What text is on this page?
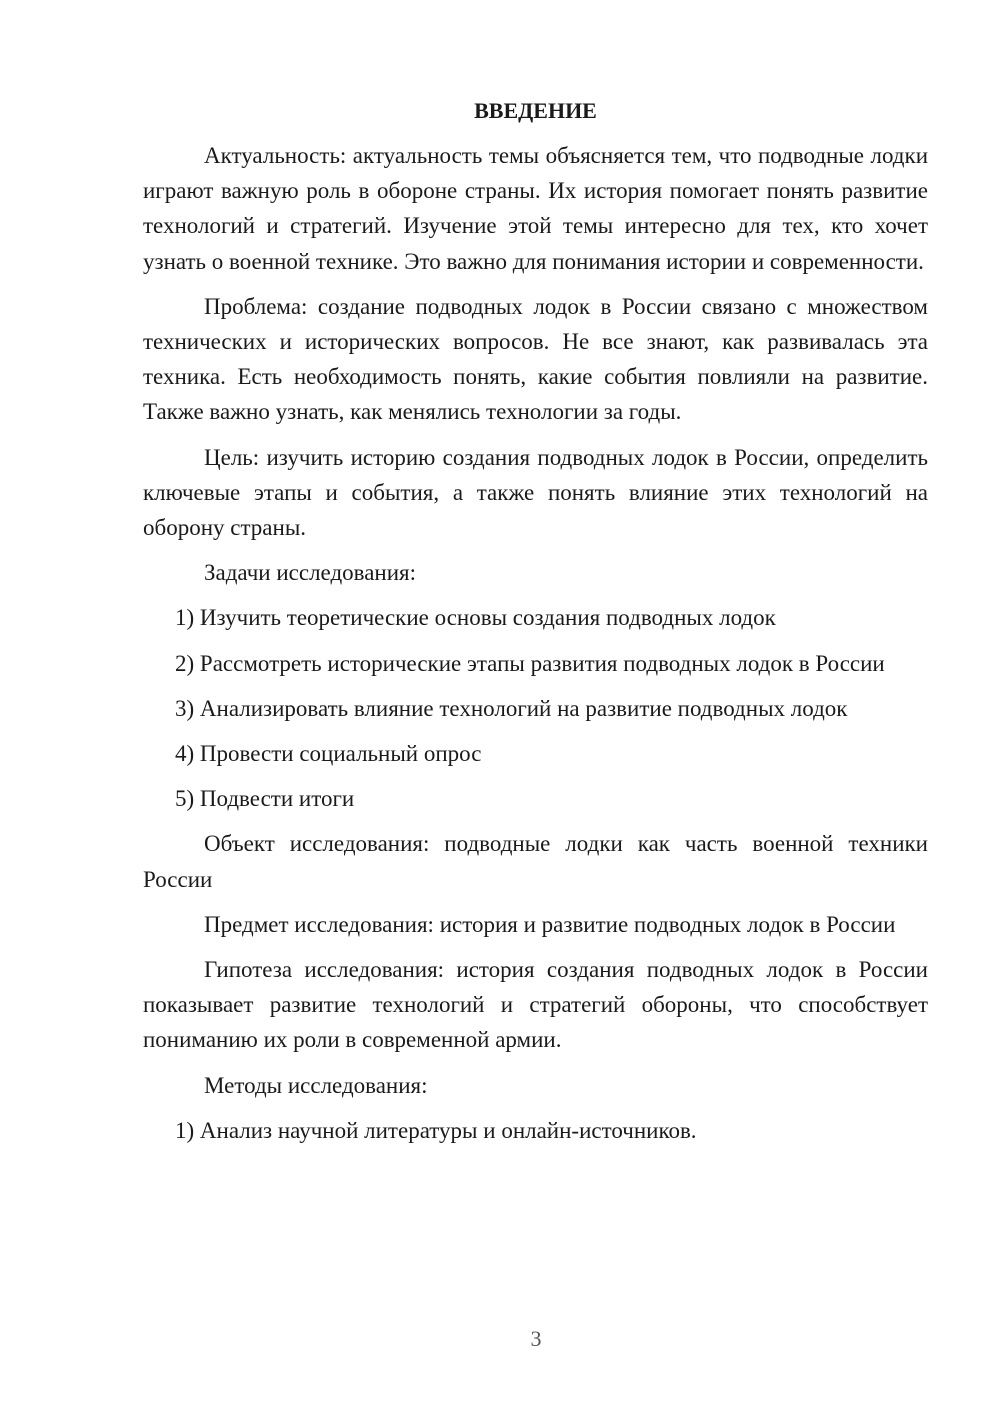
ВВЕДЕНИЕ

Актуальность: актуальность темы объясняется тем, что подводные лодки играют важную роль в обороне страны. Их история помогает понять развитие технологий и стратегий. Изучение этой темы интересно для тех, кто хочет узнать о военной технике. Это важно для понимания истории и современности.

Проблема: создание подводных лодок в России связано с множеством технических и исторических вопросов. Не все знают, как развивалась эта техника. Есть необходимость понять, какие события повлияли на развитие. Также важно узнать, как менялись технологии за годы.

Цель: изучить историю создания подводных лодок в России, определить ключевые этапы и события, а также понять влияние этих технологий на оборону страны.

Задачи исследования:

1) Изучить теоретические основы создания подводных лодок

2) Рассмотреть исторические этапы развития подводных лодок в России

3) Анализировать влияние технологий на развитие подводных лодок

4) Провести социальный опрос

5) Подвести итоги

Объект исследования: подводные лодки как часть военной техники России

Предмет исследования: история и развитие подводных лодок в России

Гипотеза исследования: история создания подводных лодок в России показывает развитие технологий и стратегий обороны, что способствует пониманию их роли в современной армии.

Методы исследования:

1) Анализ научной литературы и онлайн-источников.

3
